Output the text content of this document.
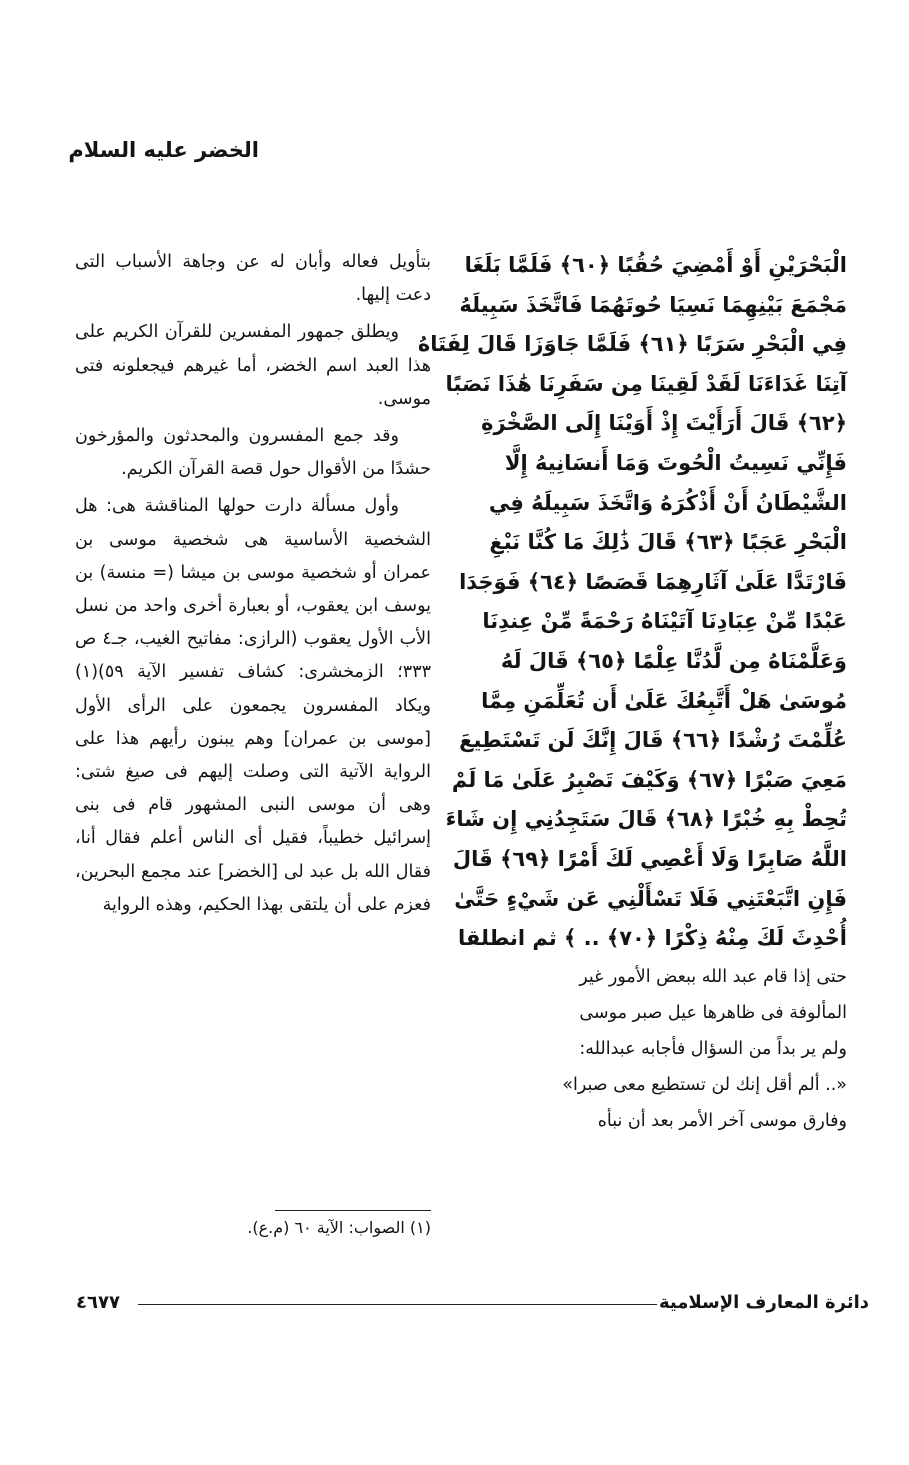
الخضر عليه السلام
الْبَحْرَيْنِ أَوْ أَمْضِيَ حُقُبًا ﴿٦٠﴾ فَلَمَّا بَلَغَا
مَجْمَعَ بَيْنِهِمَا نَسِيَا حُوتَهُمَا فَاتَّخَذَ سَبِيلَهُ
فِي الْبَحْرِ سَرَبًا ﴿٦١﴾ فَلَمَّا جَاوَزَا قَالَ لِفَتَاهُ
آتِنَا غَدَاءَنَا لَقَدْ لَقِينَا مِن سَفَرِنَا هَٰذَا نَصَبًا
﴿٦٢﴾ قَالَ أَرَأَيْتَ إِذْ أَوَيْنَا إِلَى الصَّخْرَةِ
فَإِنِّي نَسِيتُ الْحُوتَ وَمَا أَنسَانِيهُ إِلَّا
الشَّيْطَانُ أَنْ أَذْكُرَهُ وَاتَّخَذَ سَبِيلَهُ فِي
الْبَحْرِ عَجَبًا ﴿٦٣﴾ قَالَ ذَٰلِكَ مَا كُنَّا نَبْغِ
فَارْتَدَّا عَلَىٰ آثَارِهِمَا قَصَصًا ﴿٦٤﴾ فَوَجَدَا
عَبْدًا مِّنْ عِبَادِنَا آتَيْنَاهُ رَحْمَةً مِّنْ عِندِنَا
وَعَلَّمْنَاهُ مِن لَّدُنَّا عِلْمًا ﴿٦٥﴾ قَالَ لَهُ
مُوسَىٰ هَلْ أَتَّبِعُكَ عَلَىٰ أَن تُعَلِّمَنِ مِمَّا
عُلِّمْتَ رُشْدًا ﴿٦٦﴾ قَالَ إِنَّكَ لَن تَسْتَطِيعَ
مَعِيَ صَبْرًا ﴿٦٧﴾ وَكَيْفَ تَصْبِرُ عَلَىٰ مَا لَمْ
تُحِطْ بِهِ خُبْرًا ﴿٦٨﴾ قَالَ سَتَجِدُنِي إِن شَاءَ
اللَّهُ صَابِرًا وَلَا أَعْصِي لَكَ أَمْرًا ﴿٦٩﴾ قَالَ
فَإِنِ اتَّبَعْتَنِي فَلَا تَسْأَلْنِي عَن شَيْءٍ حَتَّىٰ
أُحْدِثَ لَكَ مِنْهُ ذِكْرًا ﴿٧٠﴾ .. ﴾ ثم انطلقا
حتى إذا قام عبد الله ببعض الأمور غير
المألوفة فى ظاهرها عيل صبر موسى
ولم ير بداً من السؤال فأجابه عبدالله:
«.. ألم أقل إنك لن تستطيع معى صبرا»
وفارق موسى آخر الأمر بعد أن نبأه

بتأويل فعاله وأبان له عن وجاهة الأسباب التى دعت إليها.

ويطلق جمهور المفسرين للقرآن الكريم على هذا العبد اسم الخضر، أما غيرهم فيجعلونه فتى موسى.

وقد جمع المفسرون والمحدثون والمؤرخون حشدًا من الأقوال حول قصة القرآن الكريم.

وأول مسألة دارت حولها المناقشة هى: هل الشخصية الأساسية هى شخصية موسى بن عمران أو شخصية موسى بن ميشا (= منسة) بن يوسف ابن يعقوب، أو بعبارة أخرى واحد من نسل الأب الأول يعقوب (الرازى: مفاتيح الغيب، جـ٤ ص ٣٣٣؛ الزمخشرى: كشاف تفسير الآية ٥٩)(١) ويكاد المفسرون يجمعون على الرأى الأول [موسى بن عمران] وهم يبنون رأيهم هذا على الرواية الآتية التى وصلت إليهم فى صيغ شتى: وهى أن موسى النبى المشهور قام فى بنى إسرائيل خطيباً، فقيل أى الناس أعلم فقال أنا، فقال الله بل عبد لى [الخضر] عند مجمع البحرين، فعزم على أن يلتقى بهذا الحكيم، وهذه الرواية

(١) الصواب: الآية ٦٠ (م.ع).
دائرة المعارف الإسلامية
٤٦٧٧
